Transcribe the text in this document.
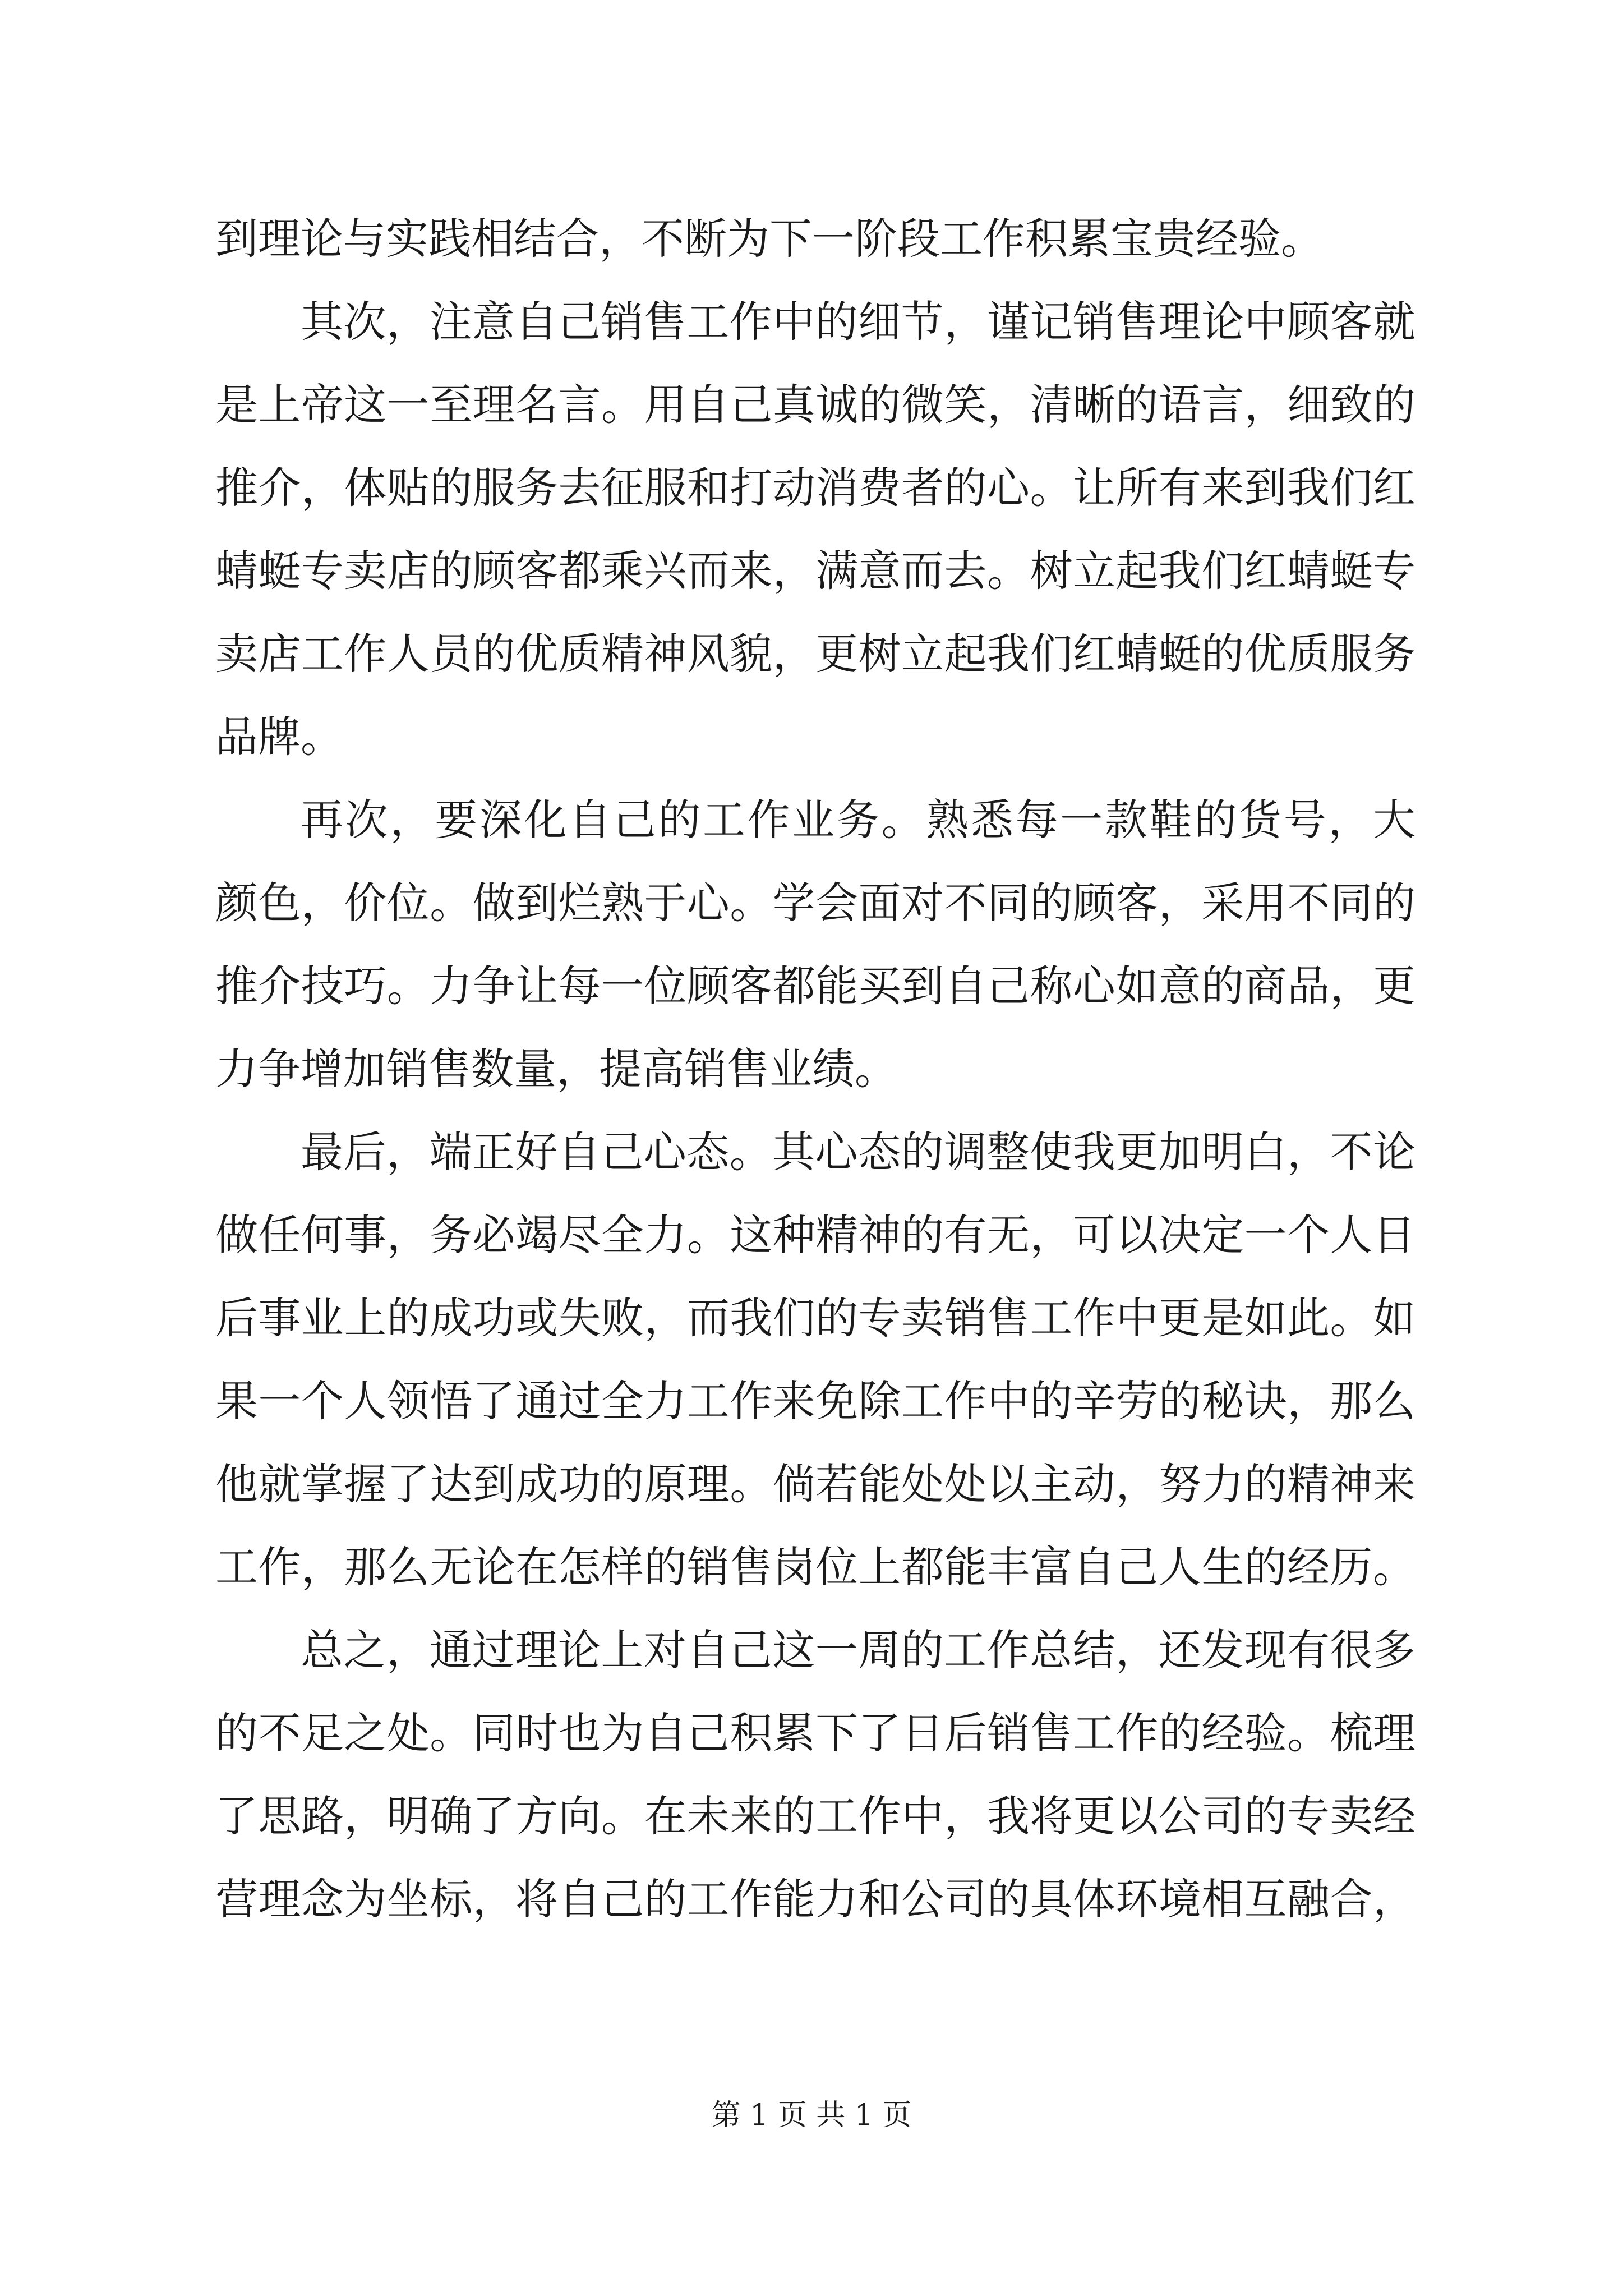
到理论与实践相结合，不断为下一阶段工作积累宝贵经验。
其次，注意自己销售工作中的细节，谨记销售理论中顾客就
是上帝这一至理名言。用自己真诚的微笑，清晰的语言，细致的
推介，体贴的服务去征服和打动消费者的心。让所有来到我们红
蜻蜓专卖店的顾客都乘兴而来，满意而去。树立起我们红蜻蜓专
卖店工作人员的优质精神风貌，更树立起我们红蜻蜓的优质服务
品牌。
再次，要深化自己的工作业务。熟悉每一款鞋的货号，大
颜色，价位。做到烂熟于心。学会面对不同的顾客，采用不同的
推介技巧。力争让每一位顾客都能买到自己称心如意的商品，更
力争增加销售数量，提高销售业绩。
最后，端正好自己心态。其心态的调整使我更加明白，不论
做任何事，务必竭尽全力。这种精神的有无，可以决定一个人日
后事业上的成功或失败，而我们的专卖销售工作中更是如此。如
果一个人领悟了通过全力工作来免除工作中的辛劳的秘诀，那么
他就掌握了达到成功的原理。倘若能处处以主动，努力的精神来
工作，那么无论在怎样的销售岗位上都能丰富自己人生的经历。
总之，通过理论上对自己这一周的工作总结，还发现有很多
的不足之处。同时也为自己积累下了日后销售工作的经验。梳理
了思路，明确了方向。在未来的工作中，我将更以公司的专卖经
营理念为坐标，将自己的工作能力和公司的具体环境相互融合，
第 1 页 共 1 页
